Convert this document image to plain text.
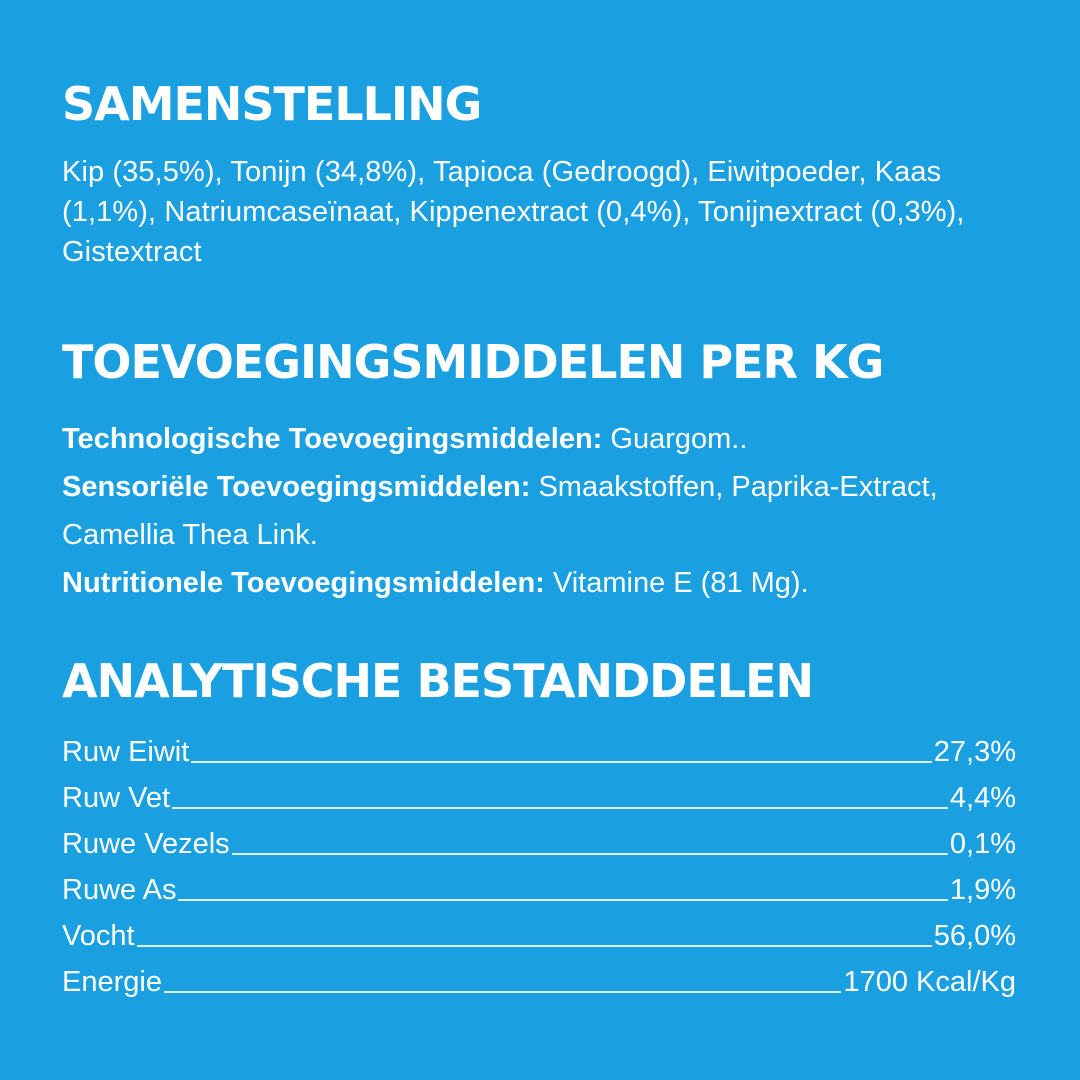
SAMENSTELLING
Kip (35,5%), Tonijn (34,8%), Tapioca (Gedroogd), Eiwitpoeder, Kaas (1,1%), Natriumcaseïnaat, Kippenextract (0,4%), Tonijnextract (0,3%), Gistextract
TOEVOEGINGSMIDDELEN PER KG
Technologische Toevoegingsmiddelen: Guargom..
Sensoriële Toevoegingsmiddelen: Smaakstoffen, Paprika-Extract, Camellia Thea Link.
Nutritionele Toevoegingsmiddelen: Vitamine E (81 Mg).
ANALYTISCHE BESTANDDELEN
Ruw Eiwit	27,3%
Ruw Vet	4,4%
Ruwe Vezels	0,1%
Ruwe As	1,9%
Vocht	56,0%
Energie	1700 Kcal/Kg
